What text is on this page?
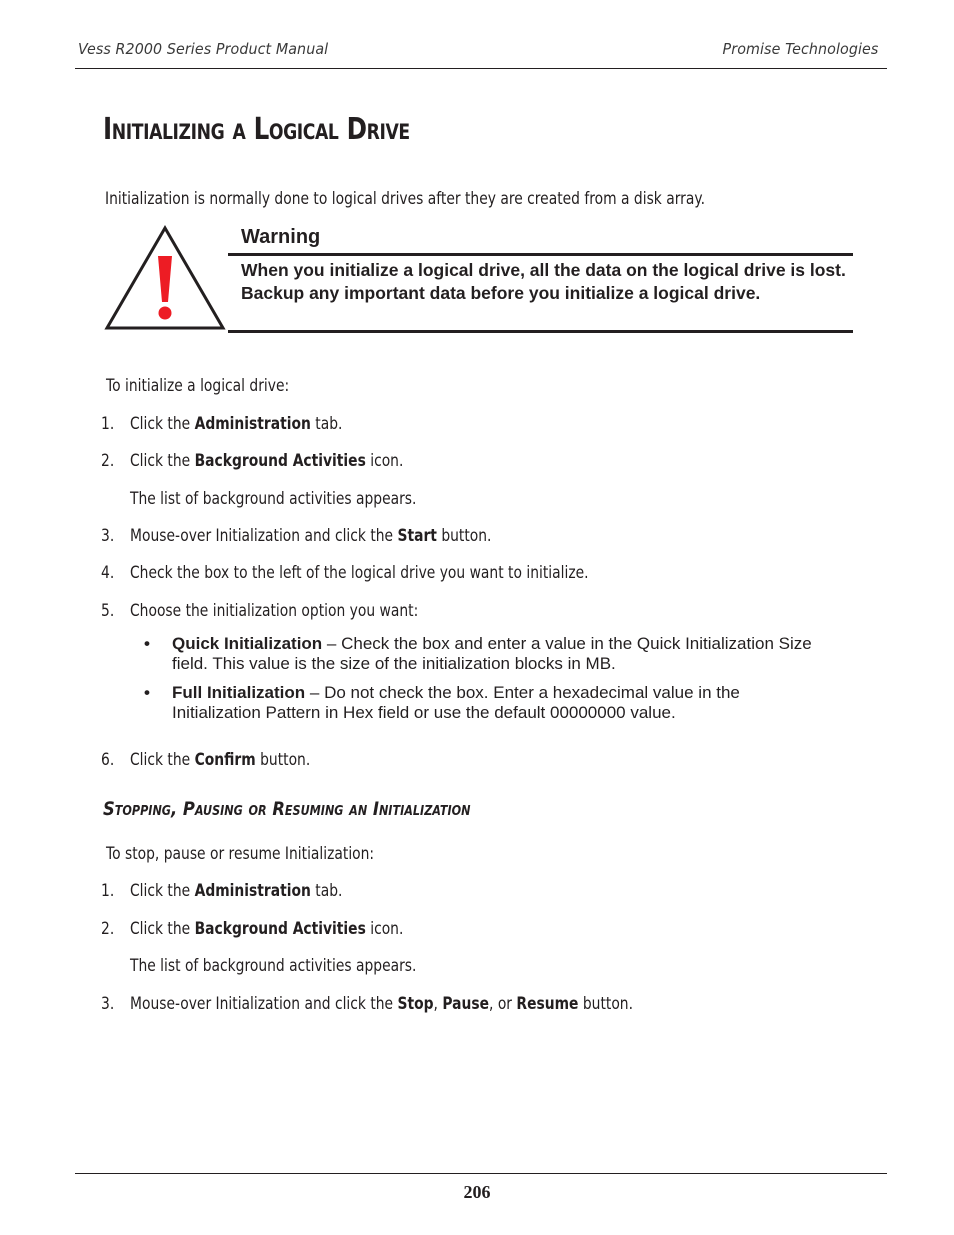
Vess R2000 Series Product Manual	Promise Technologies
Initializing a Logical Drive
Initialization is normally done to logical drives after they are created from a disk array.
Warning
When you initialize a logical drive, all the data on the logical drive is lost. Backup any important data before you initialize a logical drive.
To initialize a logical drive:
1. Click the Administration tab.
2. Click the Background Activities icon.
The list of background activities appears.
3. Mouse-over Initialization and click the Start button.
4. Check the box to the left of the logical drive you want to initialize.
5. Choose the initialization option you want:
• Quick Initialization – Check the box and enter a value in the Quick Initialization Size field. This value is the size of the initialization blocks in MB.
• Full Initialization – Do not check the box. Enter a hexadecimal value in the Initialization Pattern in Hex field or use the default 00000000 value.
6. Click the Confirm button.
Stopping, Pausing or Resuming an Initialization
To stop, pause or resume Initialization:
1. Click the Administration tab.
2. Click the Background Activities icon.
The list of background activities appears.
3. Mouse-over Initialization and click the Stop, Pause, or Resume button.
206
